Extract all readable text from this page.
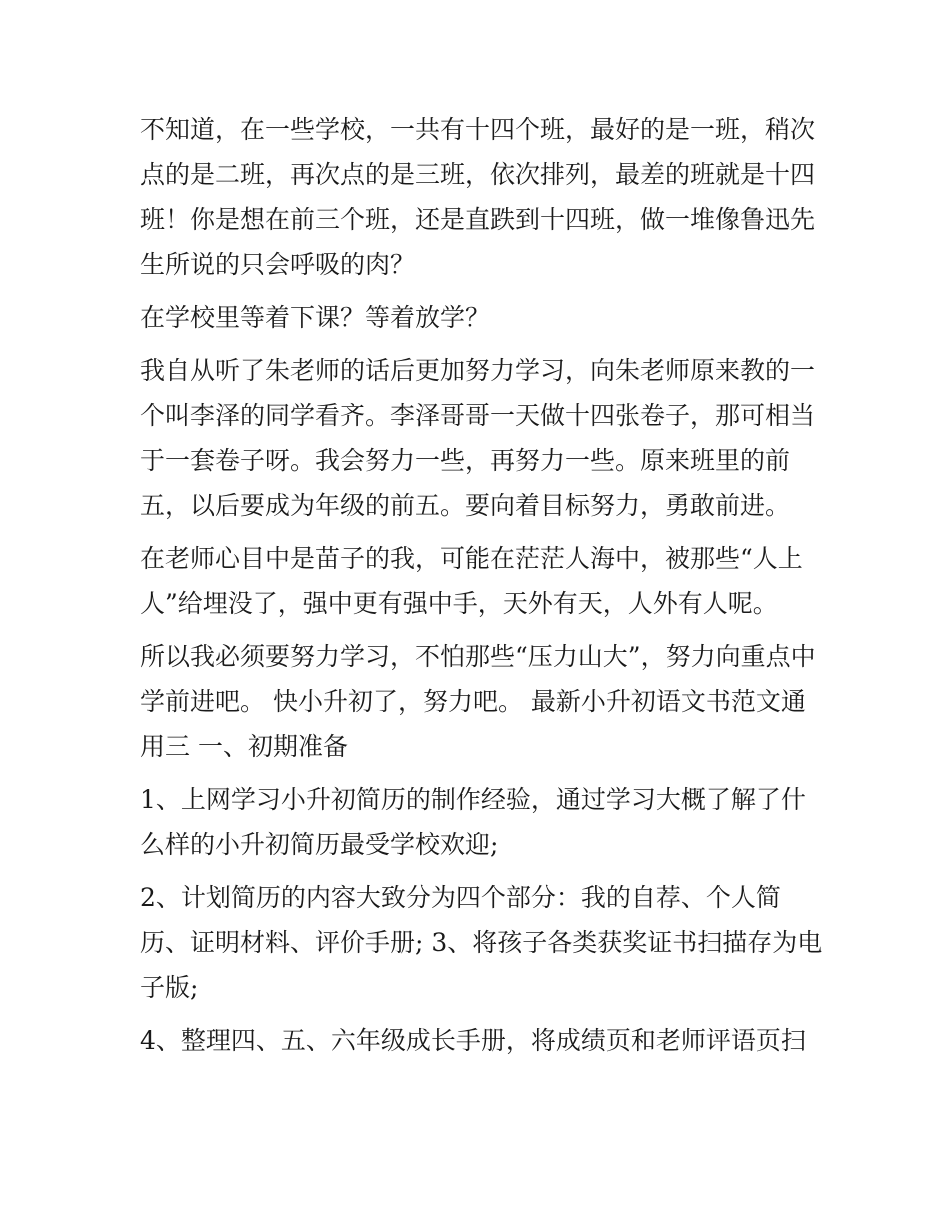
不知道，在一些学校，一共有十四个班，最好的是一班，稍次

点的是二班，再次点的是三班，依次排列，最差的班就是十四

班！你是想在前三个班，还是直跌到十四班，做一堆像鲁迅先

生所说的只会呼吸的肉？

在学校里等着下课？等着放学？

我自从听了朱老师的话后更加努力学习，向朱老师原来教的一

个叫李泽的同学看齐。李泽哥哥一天做十四张卷子，那可相当

于一套卷子呀。我会努力一些，再努力一些。原来班里的前

五，以后要成为年级的前五。要向着目标努力，勇敢前进。

在老师心目中是苗子的我，可能在茫茫人海中，被那些“人上

人”给埋没了，强中更有强中手，天外有天，人外有人呢。

所以我必须要努力学习，不怕那些“压力山大”，努力向重点中

学前进吧。 快小升初了，努力吧。 最新小升初语文书范文通

用三 一、初期准备

1、上网学习小升初简历的制作经验，通过学习大概了解了什

么样的小升初简历最受学校欢迎;

2、计划简历的内容大致分为四个部分：我的自荐、个人简

历、证明材料、评价手册; 3、将孩子各类获奖证书扫描存为电

子版;

4、整理四、五、六年级成长手册，将成绩页和老师评语页扫
